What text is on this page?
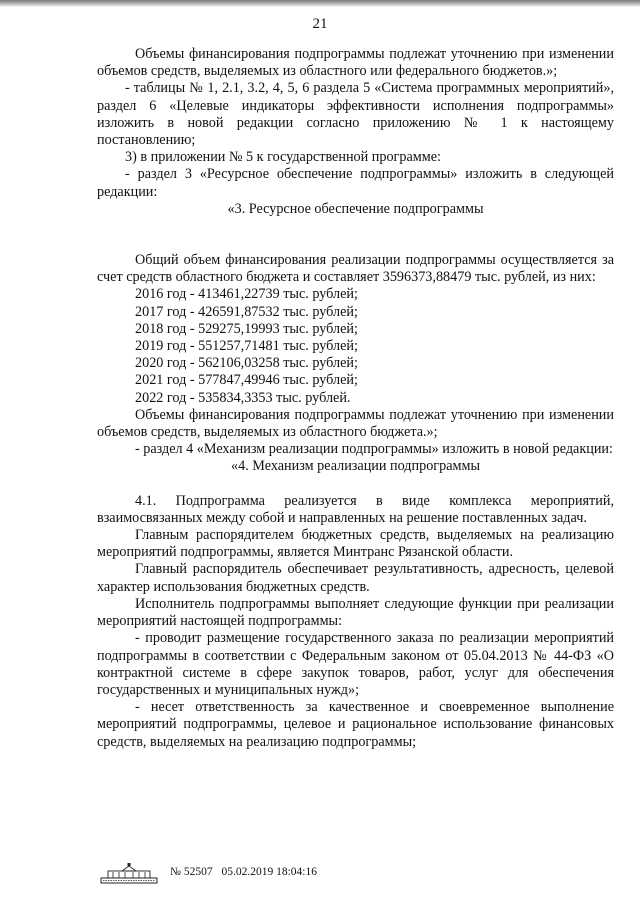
21

Объемы финансирования подпрограммы подлежат уточнению при изменении объемов средств, выделяемых из областного или федерального бюджетов.»;

- таблицы № 1, 2.1, 3.2, 4, 5, 6 раздела 5 «Система программных мероприятий», раздел 6 «Целевые индикаторы эффективности исполнения подпрограммы» изложить в новой редакции согласно приложению № 1 к настоящему постановлению;

3) в приложении № 5 к государственной программе:

- раздел 3 «Ресурсное обеспечение подпрограммы» изложить в следующей редакции:

«3. Ресурсное обеспечение подпрограммы

Общий объем финансирования реализации подпрограммы осуществляется за счет средств областного бюджета и составляет 3596373,88479 тыс. рублей, из них:

2016 год - 413461,22739 тыс. рублей;

2017 год - 426591,87532 тыс. рублей;

2018 год - 529275,19993 тыс. рублей;

2019 год - 551257,71481 тыс. рублей;

2020 год - 562106,03258 тыс. рублей;

2021 год - 577847,49946 тыс. рублей;

2022 год - 535834,3353 тыс. рублей.

Объемы финансирования подпрограммы подлежат уточнению при изменении объемов средств, выделяемых из областного бюджета.»;

- раздел 4 «Механизм реализации подпрограммы» изложить в новой редакции:

«4. Механизм реализации подпрограммы

4.1. Подпрограмма реализуется в виде комплекса мероприятий, взаимосвязанных между собой и направленных на решение поставленных задач.

Главным распорядителем бюджетных средств, выделяемых на реализацию мероприятий подпрограммы, является Минтранс Рязанской области.

Главный распорядитель обеспечивает результативность, адресность, целевой характер использования бюджетных средств.

Исполнитель подпрограммы выполняет следующие функции при реализации мероприятий настоящей подпрограммы:

- проводит размещение государственного заказа по реализации мероприятий подпрограммы в соответствии с Федеральным законом от 05.04.2013 № 44-ФЗ «О контрактной системе в сфере закупок товаров, работ, услуг для обеспечения государственных и муниципальных нужд»;

- несет ответственность за качественное и своевременное выполнение мероприятий подпрограммы, целевое и рациональное использование финансовых средств, выделяемых на реализацию подпрограммы;

№ 52507 05.02.2019 18:04:16
